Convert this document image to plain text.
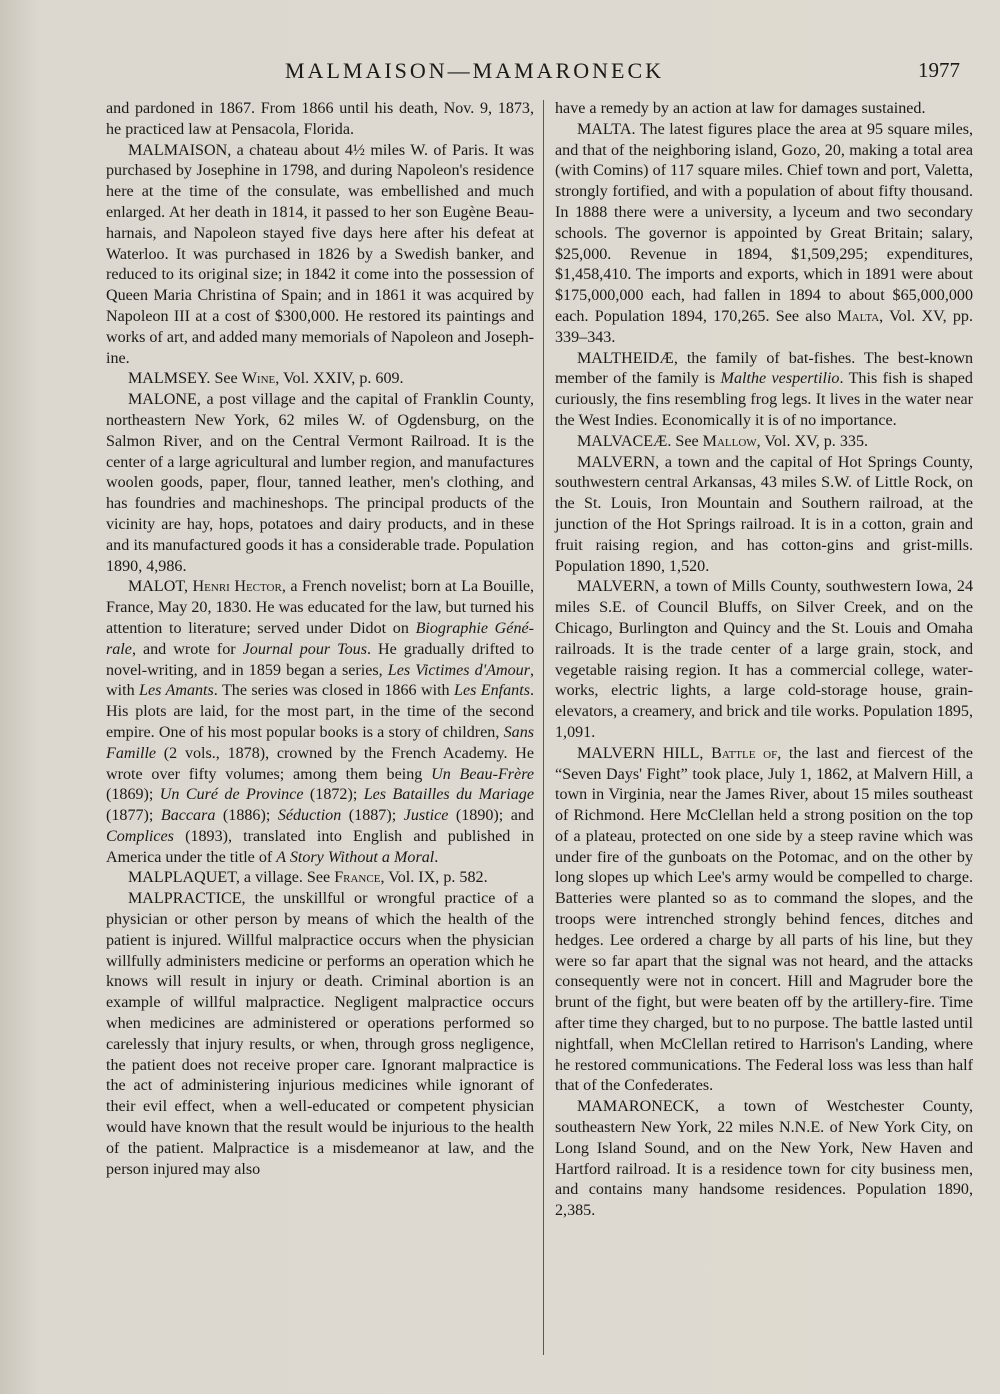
MALMAISON—MAMARONECK	1977

and pardoned in 1867. From 1866 until his death, Nov. 9, 1873, he practiced law at Pensacola, Florida.

MALMAISON, a chateau about 4½ miles W. of Paris. It was purchased by Josephine in 1798, and during Napoleon's residence here at the time of the consulate, was embellished and much enlarged. At her death in 1814, it passed to her son Eugène Beauharnais, and Napoleon stayed five days here after his defeat at Waterloo. It was purchased in 1826 by a Swedish banker, and reduced to its original size; in 1842 it come into the possession of Queen Maria Christina of Spain; and in 1861 it was acquired by Napoleon III at a cost of $300,000. He restored its paintings and works of art, and added many memorials of Napoleon and Josephine.

MALMSEY. See Wine, Vol. XXIV, p. 609.

MALONE, a post village and the capital of Franklin County, northeastern New York, 62 miles W. of Ogdensburg, on the Salmon River, and on the Central Vermont Railroad. It is the center of a large agricultural and lumber region, and manufactures woolen goods, paper, flour, tanned leather, men's clothing, and has foundries and machineshops. The principal products of the vicinity are hay, hops, potatoes and dairy products, and in these and its manufactured goods it has a considerable trade. Population 1890, 4,986.

MALOT, Henri Hector, a French novelist; born at La Bouille, France, May 20, 1830. He was educated for the law, but turned his attention to literature; served under Didot on Biographie Générale, and wrote for Journal pour Tous. He gradually drifted to novel-writing, and in 1859 began a series, Les Victimes d'Amour, with Les Amants. The series was closed in 1866 with Les Enfants. His plots are laid, for the most part, in the time of the second empire. One of his most popular books is a story of children, Sans Famille (2 vols., 1878), crowned by the French Academy. He wrote over fifty volumes; among them being Un Beau-Frère (1869); Un Curé de Province (1872); Les Batailles du Mariage (1877); Baccara (1886); Séduction (1887); Justice (1890); and Complices (1893), translated into English and published in America under the title of A Story Without a Moral.

MALPLAQUET, a village. See France, Vol. IX, p. 582.

MALPRACTICE, the unskillful or wrongful practice of a physician or other person by means of which the health of the patient is injured. Willful malpractice occurs when the physician willfully administers medicine or performs an operation which he knows will result in injury or death. Criminal abortion is an example of willful malpractice. Negligent malpractice occurs when medicines are administered or operations performed so carelessly that injury results, or when, through gross negligence, the patient does not receive proper care. Ignorant malpractice is the act of administering injurious medicines while ignorant of their evil effect, when a well-educated or competent physician would have known that the result would be injurious to the health of the patient. Malpractice is a misdemeanor at law, and the person injured may also

have a remedy by an action at law for damages sustained.

MALTA. The latest figures place the area at 95 square miles, and that of the neighboring island, Gozo, 20, making a total area (with Comins) of 117 square miles. Chief town and port, Valetta, strongly fortified, and with a population of about fifty thousand. In 1888 there were a university, a lyceum and two secondary schools. The governor is appointed by Great Britain; salary, $25,000. Revenue in 1894, $1,509,295; expenditures, $1,458,410. The imports and exports, which in 1891 were about $175,000,000 each, had fallen in 1894 to about $65,000,000 each. Population 1894, 170,265. See also Malta, Vol. XV, pp. 339–343.

MALTHEIDÆ, the family of bat-fishes. The best-known member of the family is Malthe vespertilio. This fish is shaped curiously, the fins resembling frog legs. It lives in the water near the West Indies. Economically it is of no importance.

MALVACEÆ. See Mallow, Vol. XV, p. 335.

MALVERN, a town and the capital of Hot Springs County, southwestern central Arkansas, 43 miles S.W. of Little Rock, on the St. Louis, Iron Mountain and Southern railroad, at the junction of the Hot Springs railroad. It is in a cotton, grain and fruit raising region, and has cotton-gins and grist-mills. Population 1890, 1,520.

MALVERN, a town of Mills County, southwestern Iowa, 24 miles S.E. of Council Bluffs, on Silver Creek, and on the Chicago, Burlington and Quincy and the St. Louis and Omaha railroads. It is the trade center of a large grain, stock, and vegetable raising region. It has a commercial college, waterworks, electric lights, a large cold-storage house, grain-elevators, a creamery, and brick and tile works. Population 1895, 1,091.

MALVERN HILL, Battle of, the last and fiercest of the “Seven Days' Fight” took place, July 1, 1862, at Malvern Hill, a town in Virginia, near the James River, about 15 miles southeast of Richmond. Here McClellan held a strong position on the top of a plateau, protected on one side by a steep ravine which was under fire of the gunboats on the Potomac, and on the other by long slopes up which Lee's army would be compelled to charge. Batteries were planted so as to command the slopes, and the troops were intrenched strongly behind fences, ditches and hedges. Lee ordered a charge by all parts of his line, but they were so far apart that the signal was not heard, and the attacks consequently were not in concert. Hill and Magruder bore the brunt of the fight, but were beaten off by the artillery-fire. Time after time they charged, but to no purpose. The battle lasted until nightfall, when McClellan retired to Harrison's Landing, where he restored communications. The Federal loss was less than half that of the Confederates.

MAMARONECK, a town of Westchester County, southeastern New York, 22 miles N.N.E. of New York City, on Long Island Sound, and on the New York, New Haven and Hartford railroad. It is a residence town for city business men, and contains many handsome residences. Population 1890, 2,385.
